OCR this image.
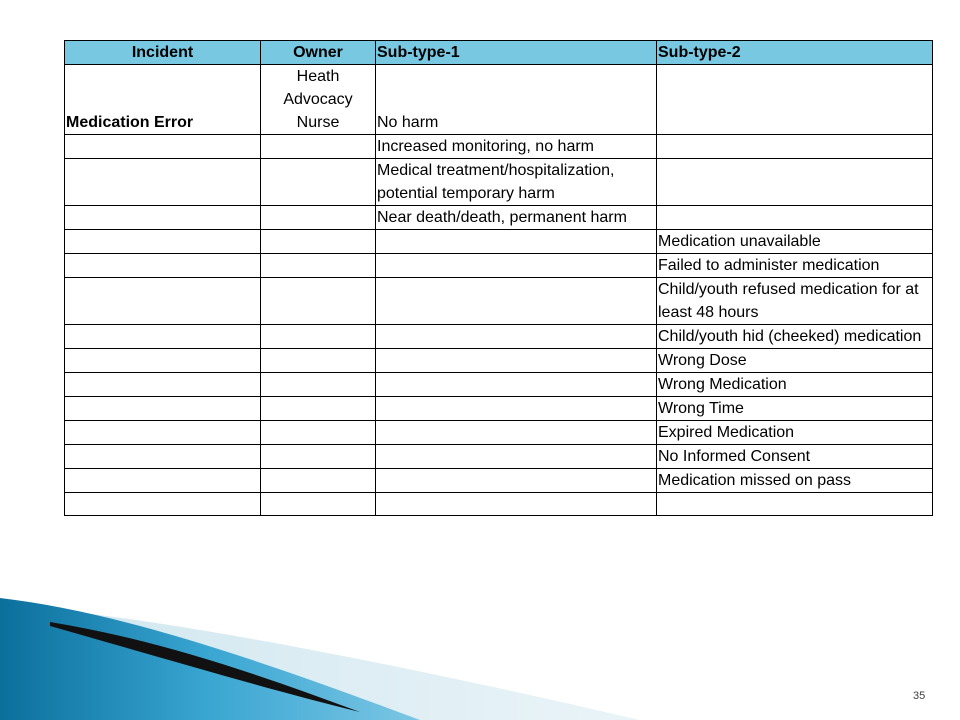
Incident	Owner	Sub-type-1	Sub-type-2
Medication Error	Heath Advocacy Nurse	No harm	
		Increased monitoring, no harm	
		Medical treatment/hospitalization, potential temporary harm	
		Near death/death, permanent harm	
			Medication unavailable
			Failed to administer medication
			Child/youth refused medication for at least 48 hours
			Child/youth hid (cheeked) medication
			Wrong Dose
			Wrong Medication
			Wrong Time
			Expired Medication
			No Informed Consent
			Medication missed on pass

35
